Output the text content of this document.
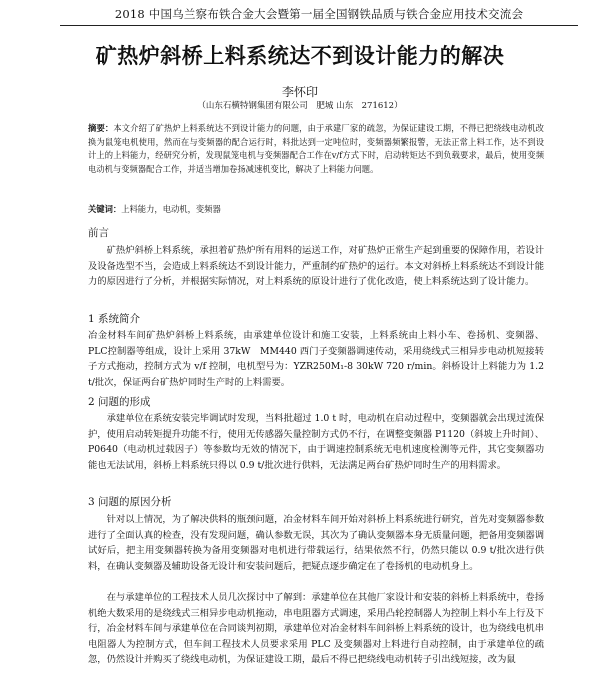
2018 中国乌兰察布铁合金大会暨第一届全国钢铁品质与铁合金应用技术交流会
矿热炉斜桥上料系统达不到设计能力的解决
李怀印
（山东石横特钢集团有限公司　肥城 山东　271612）
摘要：本文介绍了矿热炉上料系统达不到设计能力的问题，由于承建厂家的疏忽，为保证建设工期，不得已把绕线电动机改换为鼠笼电机使用，然而在与变频器的配合运行时，料批达到一定吨位时，变频器频繁报警，无法正常上料工作，达不到设计上的上料能力，经研究分析，发现鼠笼电机与变频器配合工作在v/f方式下时，启动转矩达不到负载要求，最后，使用变频电动机与变频器配合工作，并适当增加卷扬减速机变比，解决了上料能力问题。
关键词：上料能力，电动机，变频器
前言
矿热炉斜桥上料系统，承担着矿热炉所有用料的运送工作，对矿热炉正常生产起到重要的保障作用，若设计及设备选型不当，会造成上料系统达不到设计能力，严重制约矿热炉的运行。本文对斜桥上料系统达不到设计能力的原因进行了分析，并根据实际情况，对上料系统的原设计进行了优化改造，使上料系统达到了设计能力。
1 系统简介
冶金材料车间矿热炉斜桥上料系统，由承建单位设计和施工安装，上料系统由上料小车、卷扬机、变频器、PLC控制器等组成，设计上采用 37kW　MM440 西门子变频器调速传动，采用绕线式三相异步电动机短接转子方式拖动，控制方式为 v/f 控制，电机型号为：YZR250M₁-8 30kW 720 r/min。斜桥设计上料能力为 1.2 t/批次，保证两台矿热炉同时生产时的上料需要。
2 问题的形成
承建单位在系统安装完毕调试时发现，当料批超过 1.0 t 时，电动机在启动过程中，变频器就会出现过流保护，使用启动转矩提升功能不行，使用无传感器矢量控制方式仍不行，在调整变频器 P1120（斜坡上升时间）、P0640（电动机过载因子）等参数均无效的情况下，由于调速控制系统无电机速度检测等元件，其它变频器功能也无法试用，斜桥上料系统只得以 0.9 t/批次进行供料，无法满足两台矿热炉同时生产的用料需求。
3 问题的原因分析
针对以上情况，为了解决供料的瓶颈问题，冶金材料车间开始对斜桥上料系统进行研究，首先对变频器参数进行了全面认真的检查，没有发现问题，确认参数无误，其次为了确认变频器本身无质量问题，把备用变频器调试好后，把主用变频器转换为备用变频器对电机进行带载运行，结果依然不行，仍然只能以 0.9 t/批次进行供料，在确认变频器及辅助设备无设计和安装问题后，把疑点逐步确定在了卷扬机的电动机身上。
在与承建单位的工程技术人员几次探讨中了解到：承建单位在其他厂家设计和安装的斜桥上料系统中，卷扬机绝大数采用的是绕线式三相异步电动机拖动，串电阻器方式调速，采用凸轮控制器人为控制上料小车上行及下行，冶金材料车间与承建单位在合同谈判初期，承建单位对冶金材料车间斜桥上料系统的设计，也为绕线电机串电阻器人为控制方式，但车间工程技术人员要求采用 PLC 及变频器对上料进行自动控制，由于承建单位的疏忽，仍然设计并购买了绕线电动机，为保证建设工期，最后不得已把绕线电动机转子引出线短接，改为鼠
